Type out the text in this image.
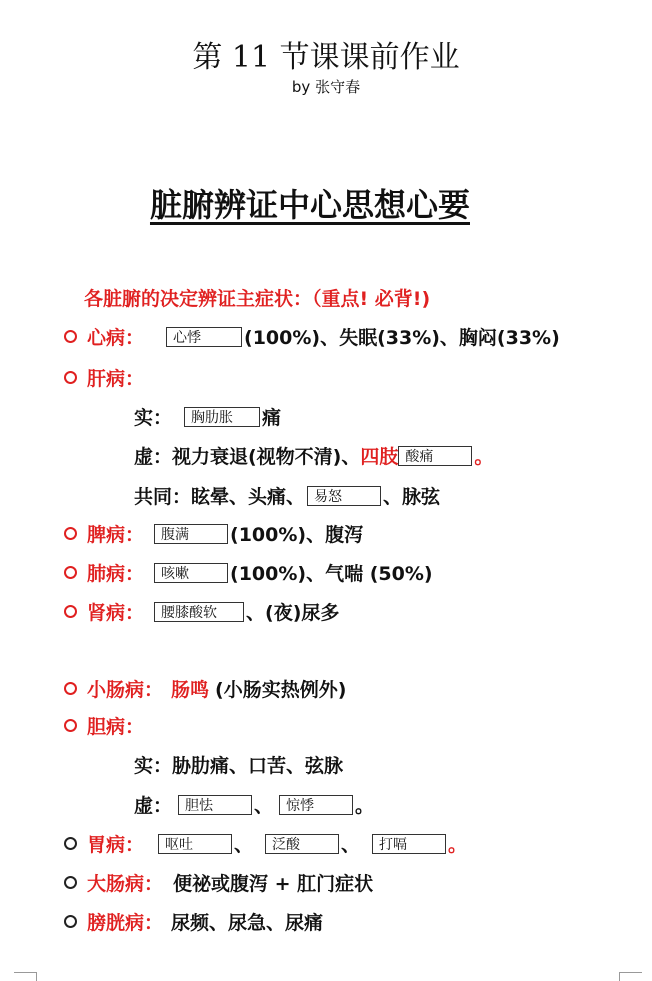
第 11 节课课前作业
by 张守春
脏腑辨证中心思想心要
各脏腑的决定辨证主症状：（重点! 必背!)
心病：	心悸	(100%)、失眠(33%)、胸闷(33%)
肝病：
实：	胸肋胀	痛
虚：视力衰退(视物不清)、 四肢 酸痛	。
共同：眩晕、头痛、 易怒	、脉弦
脾病：	腹满	(100%)、腹泻
肺病：	咳嗽	(100%)、气喘 (50%)
肾病：	腰膝酸软	、(夜)尿多
小肠病： 肠鸣 (小肠实热例外)
胆病：
实：胁肋痛、口苦、弦脉
虚： 胆怯	、 惊悸	。
胃病：	呕吐	、	泛酸	、	打嗝	。
大肠病： 便祕或腹泻 + 肛门症状
膀胱病： 尿频、尿急、尿痛
